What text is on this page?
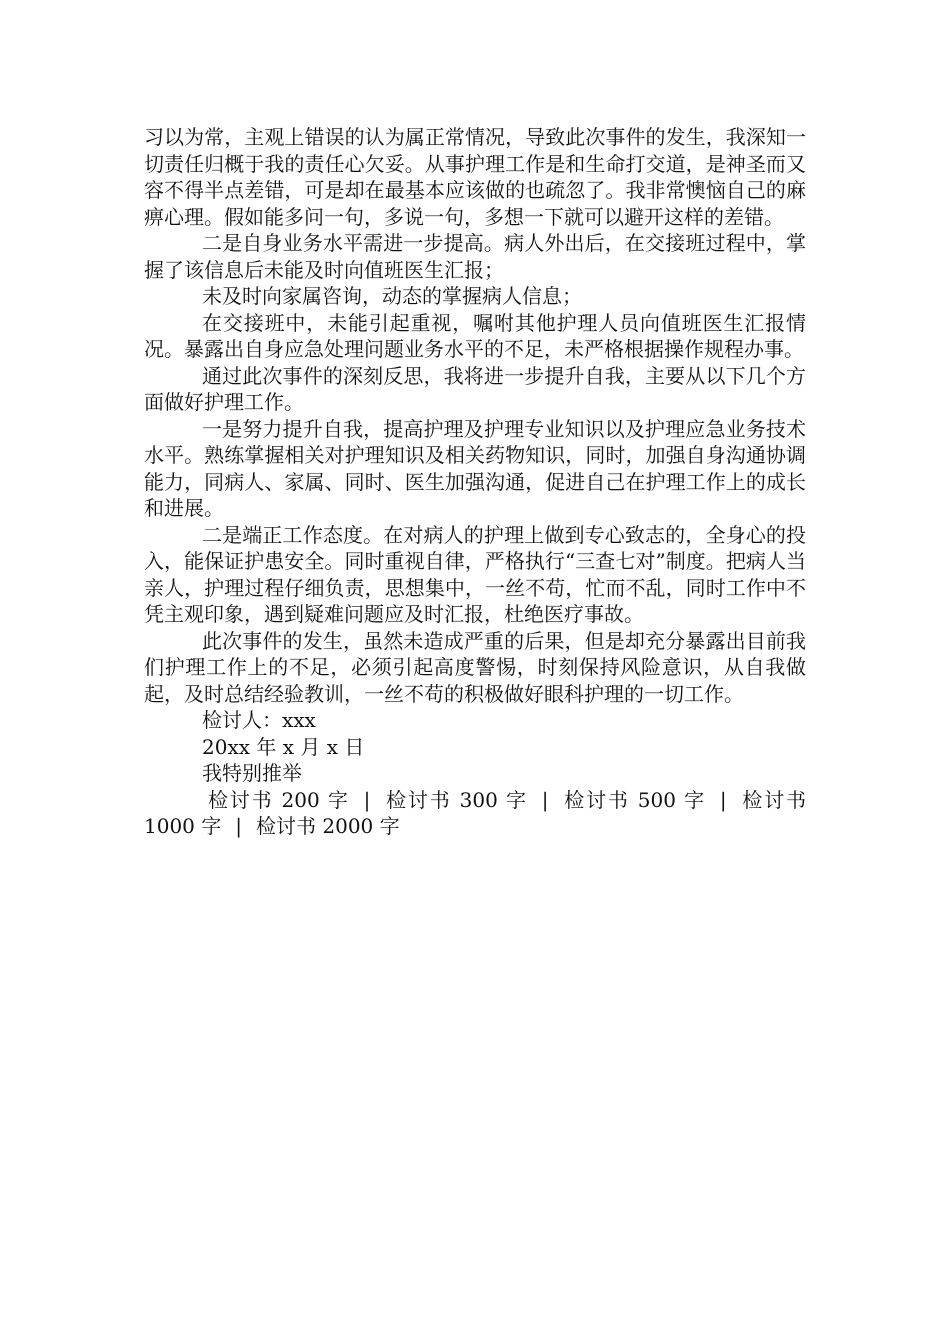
习以为常，主观上错误的认为属正常情况，导致此次事件的发生，我深知一切责任归概于我的责任心欠妥。从事护理工作是和生命打交道，是神圣而又容不得半点差错，可是却在最基本应该做的也疏忽了。我非常懊恼自己的麻痹心理。假如能多问一句，多说一句，多想一下就可以避开这样的差错。

二是自身业务水平需进一步提高。病人外出后，在交接班过程中，掌握了该信息后未能及时向值班医生汇报；

未及时向家属咨询，动态的掌握病人信息；

在交接班中，未能引起重视，嘱咐其他护理人员向值班医生汇报情况。暴露出自身应急处理问题业务水平的不足，未严格根据操作规程办事。

通过此次事件的深刻反思，我将进一步提升自我，主要从以下几个方面做好护理工作。

一是努力提升自我，提高护理及护理专业知识以及护理应急业务技术水平。熟练掌握相关对护理知识及相关药物知识，同时，加强自身沟通协调能力，同病人、家属、同时、医生加强沟通，促进自己在护理工作上的成长和进展。

二是端正工作态度。在对病人的护理上做到专心致志的，全身心的投入，能保证护患安全。同时重视自律，严格执行“三查七对”制度。把病人当亲人，护理过程仔细负责，思想集中，一丝不苟，忙而不乱，同时工作中不凭主观印象，遇到疑难问题应及时汇报，杜绝医疗事故。

此次事件的发生，虽然未造成严重的后果，但是却充分暴露出目前我们护理工作上的不足，必须引起高度警惕，时刻保持风险意识，从自我做起，及时总结经验教训，一丝不苟的积极做好眼科护理的一切工作。

检讨人：xxx

20xx 年 x 月 x 日

我特别推举

检讨书 200 字 | 检讨书 300 字 | 检讨书 500 字 | 检讨书 1000 字 | 检讨书 2000 字
